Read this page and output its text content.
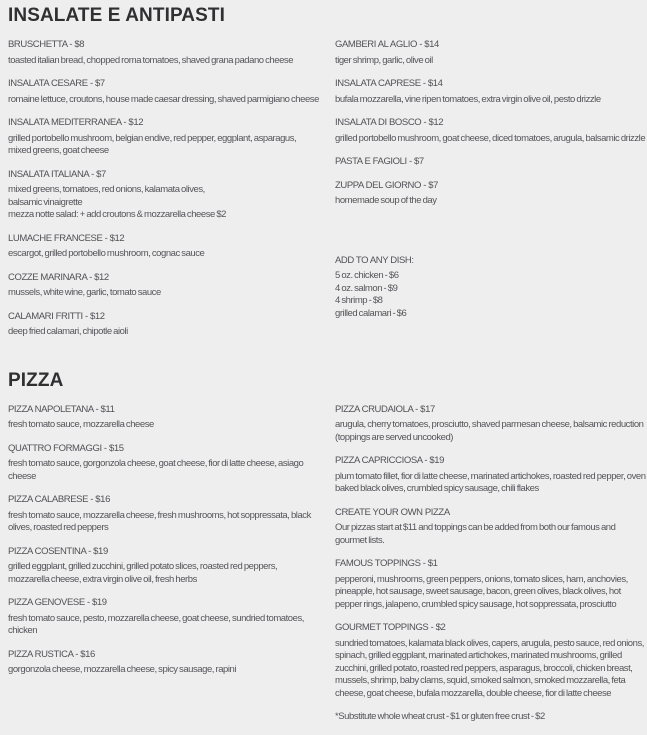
INSALATE E ANTIPASTI
BRUSCHETTA - $8
toasted italian bread, chopped roma tomatoes, shaved grana padano cheese
INSALATA CESARE - $7
romaine lettuce, croutons, house made caesar dressing, shaved parmigiano cheese
INSALATA MEDITERRANEA - $12
grilled portobello mushroom, belgian endive, red pepper, eggplant, asparagus, mixed greens, goat cheese
INSALATA ITALIANA - $7
mixed greens, tomatoes, red onions, kalamata olives,
balsamic vinaigrette
mezza notte salad: + add croutons & mozzarella cheese $2
LUMACHE FRANCESE - $12
escargot, grilled portobello mushroom, cognac sauce
COZZE MARINARA - $12
mussels, white wine, garlic, tomato sauce
CALAMARI FRITTI - $12
deep fried calamari, chipotle aioli
GAMBERI AL AGLIO - $14
tiger shrimp, garlic, olive oil
INSALATA CAPRESE - $14
bufala mozzarella, vine ripen tomatoes, extra virgin olive oil, pesto drizzle
INSALATA DI BOSCO - $12
grilled portobello mushroom, goat cheese, diced tomatoes, arugula, balsamic drizzle
PASTA E FAGIOLI - $7
ZUPPA DEL GIORNO - $7
homemade soup of the day
ADD TO ANY DISH:
5 oz. chicken - $6
4 oz. salmon - $9
4 shrimp - $8
grilled calamari - $6
PIZZA
PIZZA NAPOLETANA - $11
fresh tomato sauce, mozzarella cheese
QUATTRO FORMAGGI - $15
fresh tomato sauce, gorgonzola cheese, goat cheese, fior di latte cheese, asiago cheese
PIZZA CALABRESE - $16
fresh tomato sauce, mozzarella cheese, fresh mushrooms, hot soppressata, black olives, roasted red peppers
PIZZA COSENTINA - $19
grilled eggplant, grilled zucchini, grilled potato slices, roasted red peppers, mozzarella cheese, extra virgin olive oil, fresh herbs
PIZZA GENOVESE - $19
fresh tomato sauce, pesto, mozzarella cheese, goat cheese, sundried tomatoes, chicken
PIZZA RUSTICA - $16
gorgonzola cheese, mozzarella cheese, spicy sausage, rapini
PIZZA CRUDAIOLA - $17
arugula, cherry tomatoes, prosciutto, shaved parmesan cheese, balsamic reduction (toppings are served uncooked)
PIZZA CAPRICCIOSA - $19
plum tomato fillet, fior di latte cheese, marinated artichokes, roasted red pepper, oven baked black olives, crumbled spicy sausage, chili flakes
CREATE YOUR OWN PIZZA
Our pizzas start at $11 and toppings can be added from both our famous and gourmet lists.
FAMOUS TOPPINGS - $1
pepperoni, mushrooms, green peppers, onions, tomato slices, ham, anchovies, pineapple, hot sausage, sweet sausage, bacon, green olives, black olives, hot pepper rings, jalapeno, crumbled spicy sausage, hot soppressata, prosciutto
GOURMET TOPPINGS - $2
sundried tomatoes, kalamata black olives, capers, arugula, pesto sauce, red onions, spinach, grilled eggplant, marinated artichokes, marinated mushrooms, grilled zucchini, grilled potato, roasted red peppers, asparagus, broccoli, chicken breast, mussels, shrimp, baby clams, squid, smoked salmon, smoked mozzarella, feta cheese, goat cheese, bufala mozzarella, double cheese, fior di latte cheese
*Substitute whole wheat crust - $1 or gluten free crust - $2
